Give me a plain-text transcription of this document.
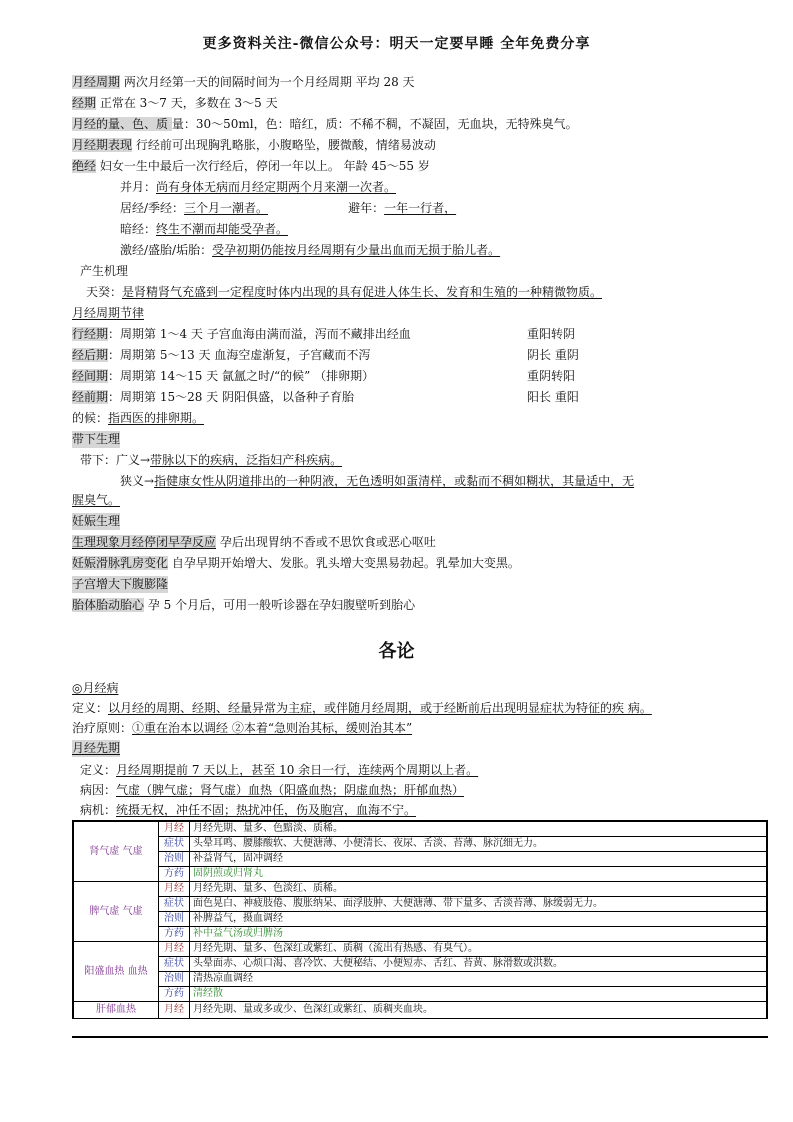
更多资料关注-微信公众号：明天一定要早睡 全年免费分享
月经周期 两次月经第一天的间隔时间为一个月经周期 平均 28 天
经期 正常在 3～7 天，多数在 3～5 天
月经的量、色、质 量：30～50ml，色：暗红，质：不稀不稠，不凝固，无血块，无特殊臭气。
月经期表现 行经前可出现胸乳略胀，小腹略坠，腰微酸，情绪易波动
绝经 妇女一生中最后一次行经后，停闭一年以上。 年龄 45～55 岁
并月：尚有身体无病而月经定期两个月来潮一次者。
居经/季经：三个月一潮者。	避年：一年一行者，
暗经：终生不潮而却能受孕者。
激经/盛胎/垢胎：受孕初期仍能按月经周期有少量出血而无损于胎儿者。
产生机理
天癸：是肾精肾气充盛到一定程度时体内出现的具有促进人体生长、发育和生殖的一种精微物质。
月经周期节律
行经期：周期第 1～4 天 子宫血海由满而溢，泻而不藏排出经血	重阳转阴
经后期：周期第 5～13 天 血海空虚渐复，子宫藏而不泻	阴长 重阴
经间期：周期第 14～15 天 氤氲之时/“的候” （排卵期）	重阴转阳
经前期：周期第 15～28 天 阴阳俱盛，以备种子育胎	阳长 重阳
的候：指西医的排卵期。
带下生理
带下：广义→带脉以下的疾病，泛指妇产科疾病。
狭义→指健康女性从阴道排出的一种阴液，无色透明如蛋清样，或黏而不稠如糊状，其量适中，无
腥臭气。
妊娠生理
生理现象月经停闭早孕反应 孕后出现胃纳不香或不思饮食或恶心呕吐
妊娠滑脉乳房变化 自孕早期开始增大、发胀。乳头增大变黑易勃起。乳晕加大变黑。
子宫增大下腹膨隆
胎体胎动胎心 孕 5 个月后，可用一般听诊器在孕妇腹壁听到胎心
各论
◎月经病
定义：以月经的周期、经期、经量异常为主症，或伴随月经周期，或于经断前后出现明显症状为特征的疾 病。
治疗原则：①重在治本以调经 ②本着“急则治其标，缓则治其本”
月经先期
定义：月经周期提前 7 天以上，甚至 10 余日一行，连续两个周期以上者。
病因：气虚（脾气虚；肾气虚）血热（阳盛血热；阴虚血热；肝郁血热）
病机：统摄无权，冲任不固；热扰冲任，伤及胞宫，血海不宁。
肾气虚 气虚	月经	月经先期、量多、色黯淡、质稀。
	症状	头晕耳鸣、腰膝酸软、大便溏薄、小便清长、夜尿、舌淡、苔薄、脉沉细无力。
	治则	补益肾气，固冲调经
	方药	固阴煎或归肾丸
脾气虚 气虚	月经	月经先期、量多、色淡红、质稀。
	症状	面色晃白、神疲肢倦、腹胀纳呆、面浮肢肿、大便溏薄、带下量多、舌淡苔薄、脉缓弱无力。
	治则	补脾益气，摄血调经
	方药	补中益气汤或归脾汤
阳盛血热 血热	月经	月经先期、量多、色深红或紫红、质稠（流出有热感、有臭气）。
	症状	头晕面赤、心烦口渴、喜冷饮、大便秘结、小便短赤、舌红、苔黄、脉滑数或洪数。
	治则	清热凉血调经
	方药	清经散
肝郁血热	月经	月经先期、量或多或少、色深红或紫红、质稠夹血块。
